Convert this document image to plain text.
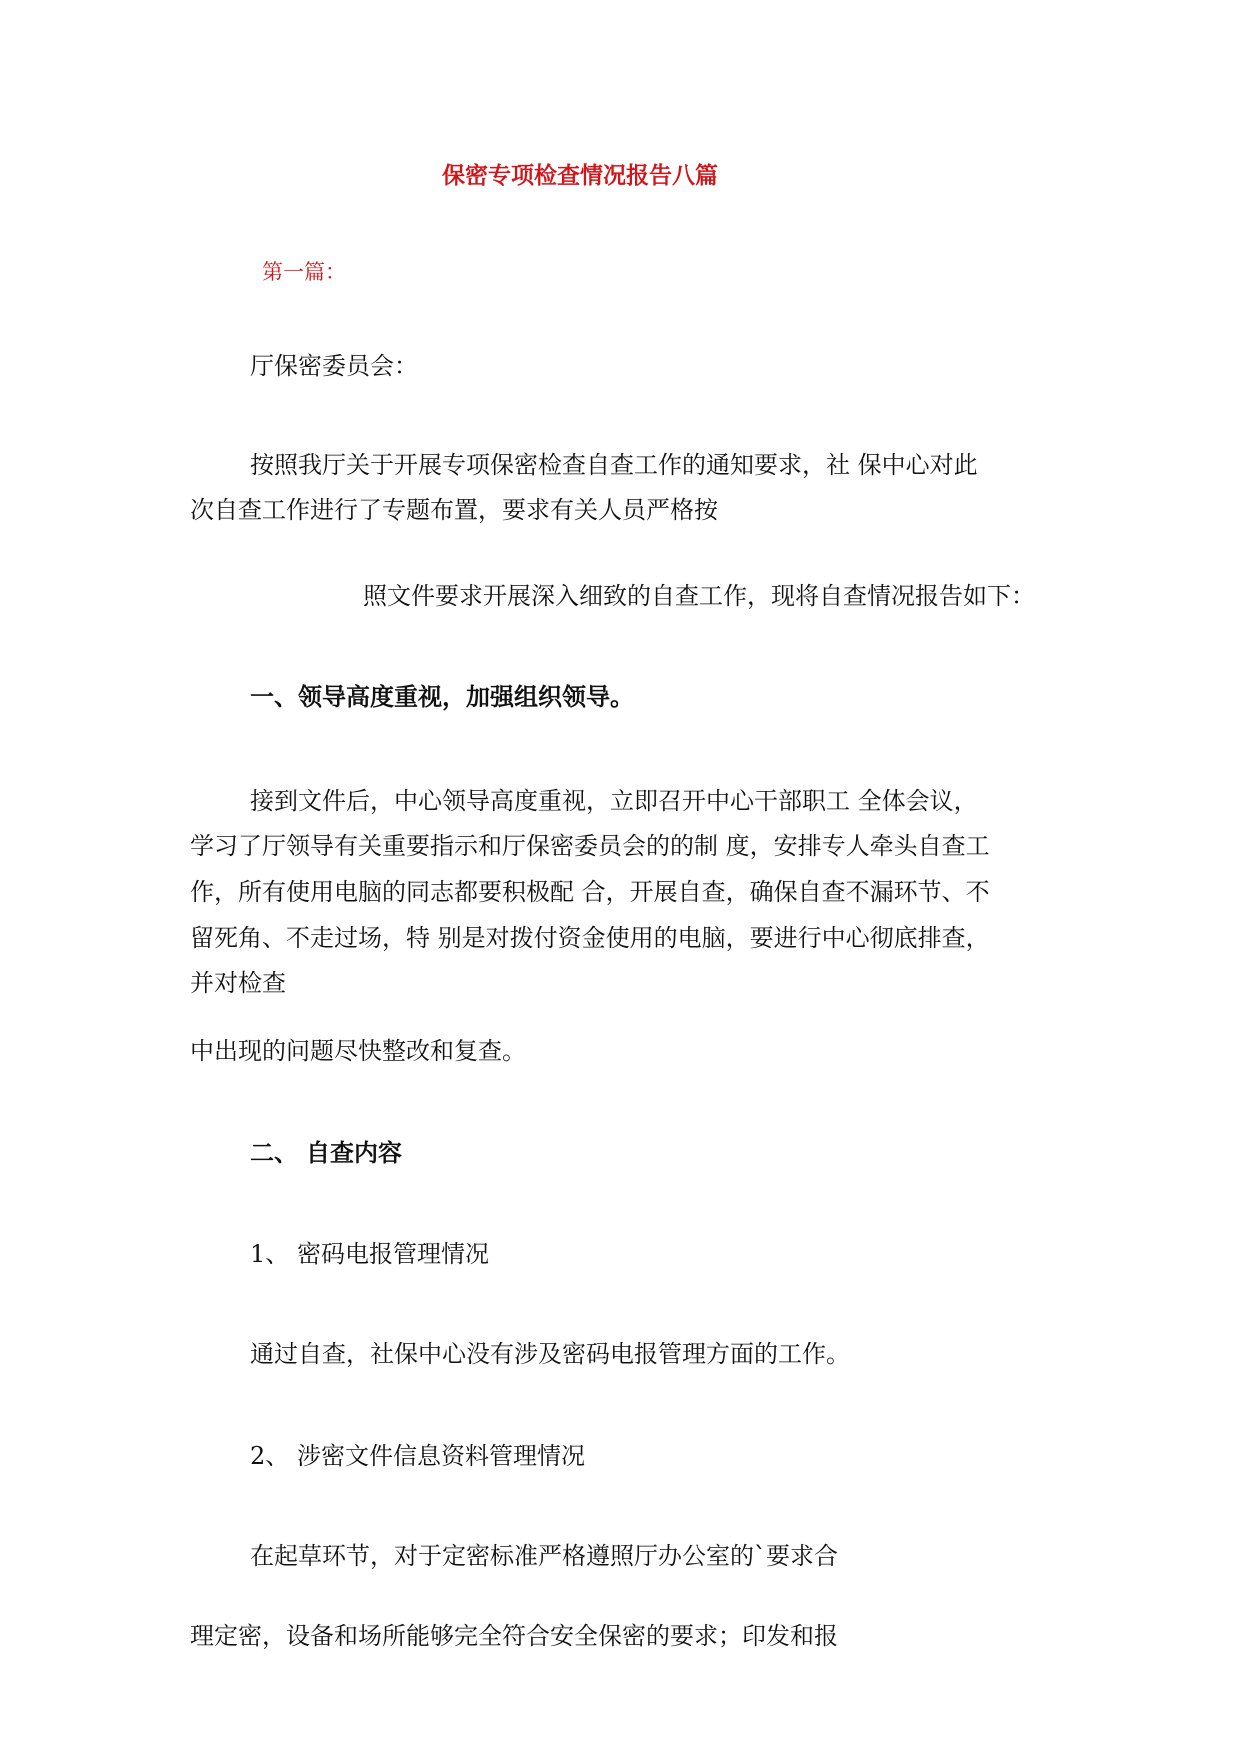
保密专项检查情况报告八篇
第一篇：
厅保密委员会：
按照我厅关于开展专项保密检查自查工作的通知要求，社 保中心对此
次自查工作进行了专题布置，要求有关人员严格按
照文件要求开展深入细致的自查工作，现将自查情况报告如下：
一、领导高度重视，加强组织领导。
接到文件后，中心领导高度重视，立即召开中心干部职工 全体会议，
学习了厅领导有关重要指示和厅保密委员会的的制 度，安排专人牵头自查工
作，所有使用电脑的同志都要积极配 合，开展自查，确保自查不漏环节、不
留死角、不走过场，特 别是对拨付资金使用的电脑，要进行中心彻底排查，
并对检查
中出现的问题尽快整改和复查。
二、 自查内容
1、 密码电报管理情况
通过自查，社保中心没有涉及密码电报管理方面的工作。
2、 涉密文件信息资料管理情况
在起草环节，对于定密标准严格遵照厅办公室的`要求合
理定密，设备和场所能够完全符合安全保密的要求；印发和报
